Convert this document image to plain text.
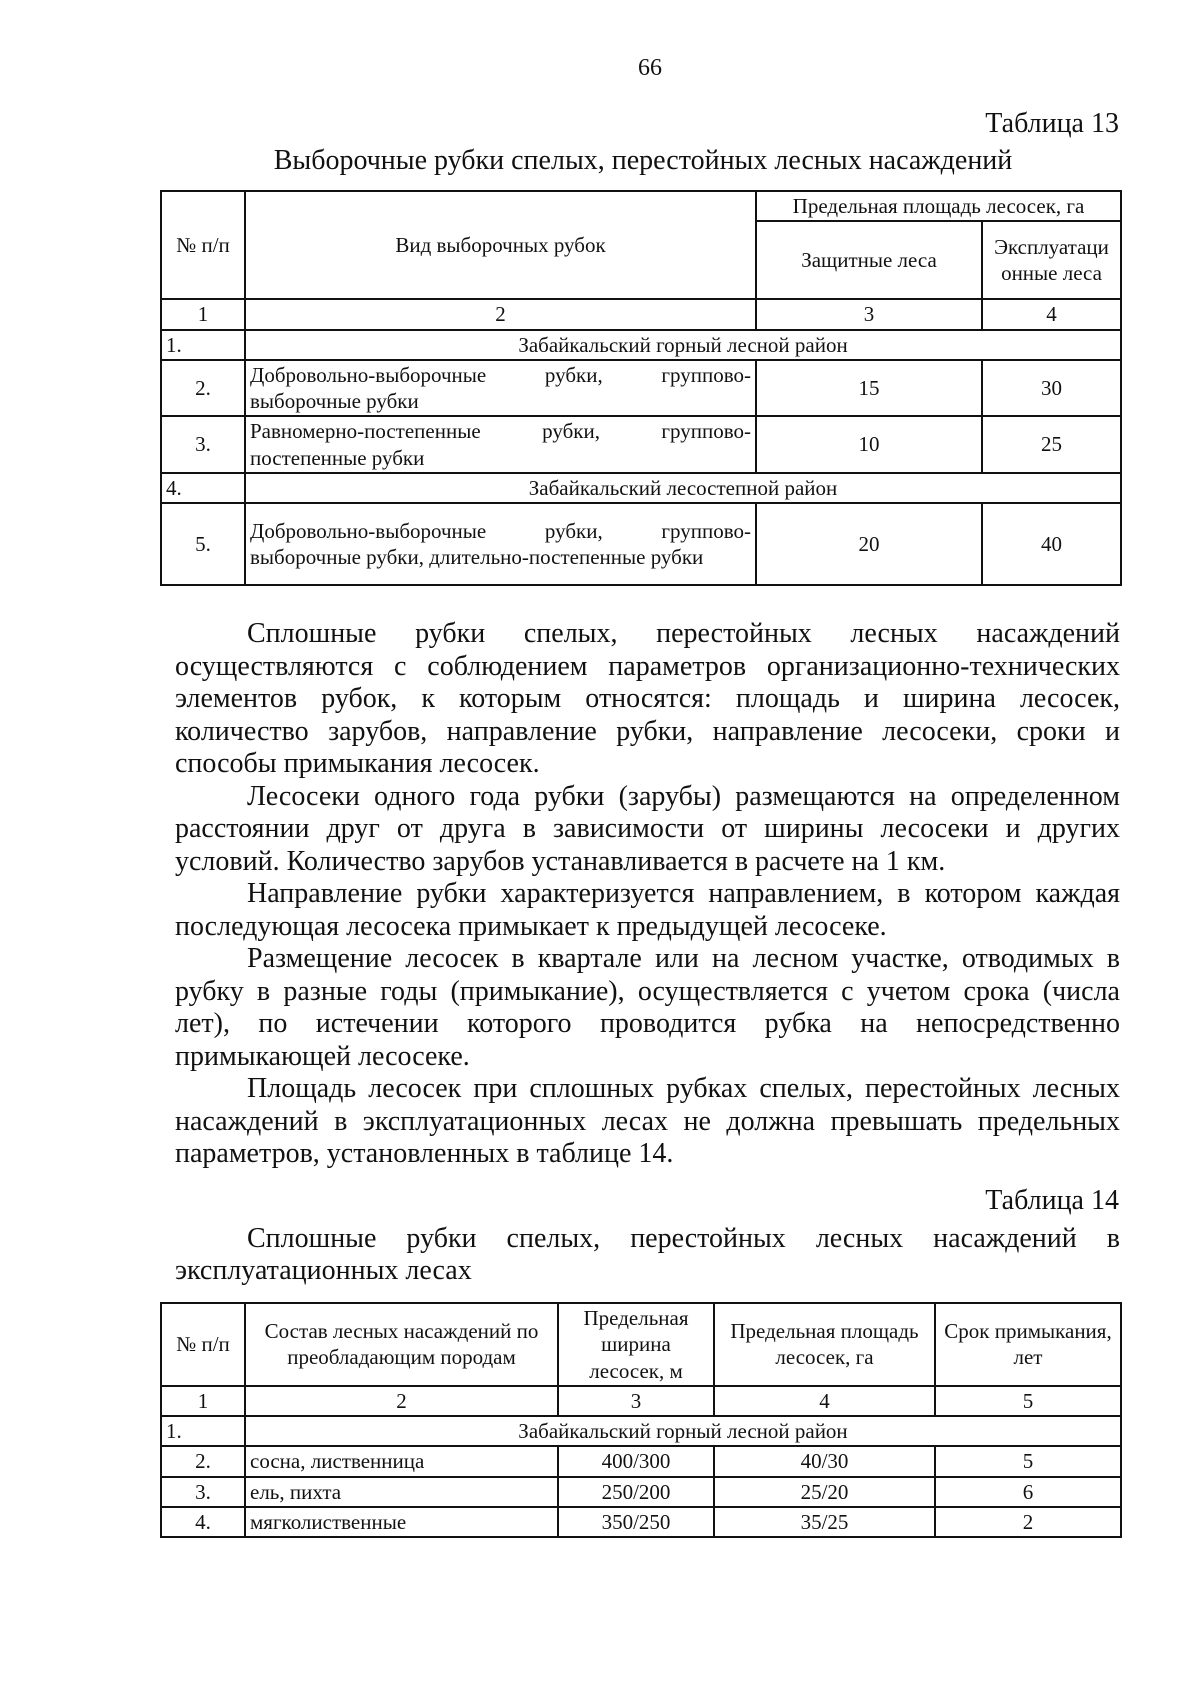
66
Таблица 13
Выборочные рубки спелых, перестойных лесных насаждений
№ п/п	Вид выборочных рубок	Предельная площадь лесосек, га	
		Защитные леса	Эксплуатаци онные леса
1	2	3	4
1.	Забайкальский горный лесной район		
2.	Добровольно-выборочные рубки, группово-выборочные рубки	15	30
3.	Равномерно-постепенные рубки, группово-постепенные рубки	10	25
4.	Забайкальский лесостепной район		
5.	Добровольно-выборочные рубки, группово-выборочные рубки, длительно-постепенные рубки	20	40

Сплошные рубки спелых, перестойных лесных насаждений осуществляются с соблюдением параметров организационно-технических элементов рубок, к которым относятся: площадь и ширина лесосек, количество зарубов, направление рубки, направление лесосеки, сроки и способы примыкания лесосек.

Лесосеки одного года рубки (зарубы) размещаются на определенном расстоянии друг от друга в зависимости от ширины лесосеки и других условий. Количество зарубов устанавливается в расчете на 1 км.

Направление рубки характеризуется направлением, в котором каждая последующая лесосека примыкает к предыдущей лесосеке.

Размещение лесосек в квартале или на лесном участке, отводимых в рубку в разные годы (примыкание), осуществляется с учетом срока (числа лет), по истечении которого проводится рубка на непосредственно примыкающей лесосеке.

Площадь лесосек при сплошных рубках спелых, перестойных лесных насаждений в эксплуатационных лесах не должна превышать предельных параметров, установленных в таблице 14.

Таблица 14
Сплошные рубки спелых, перестойных лесных насаждений в
эксплуатационных лесах
№ п/п	Состав лесных насаждений по преобладающим породам	Предельная ширина лесосек, м	Предельная площадь лесосек, га	Срок примыкания, лет
1	2	3	4	5
1.	Забайкальский горный лесной район			
2.	сосна, лиственница	400/300	40/30	5
3.	ель, пихта	250/200	25/20	6
4.	мягколиственные	350/250	35/25	2
